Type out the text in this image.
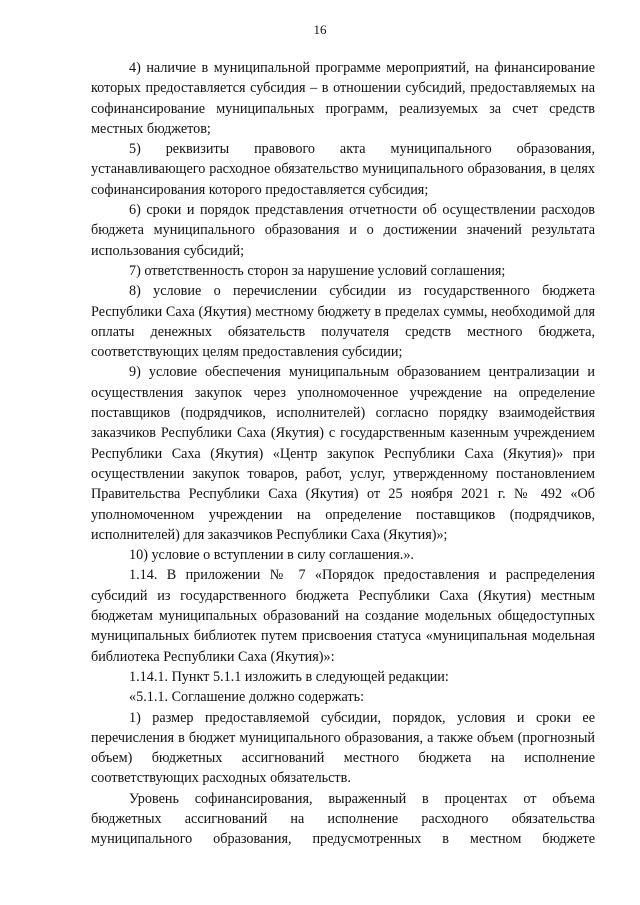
16

4) наличие в муниципальной программе мероприятий, на финансирование которых предоставляется субсидия – в отношении субсидий, предоставляемых на софинансирование муниципальных программ, реализуемых за счет средств местных бюджетов;

5) реквизиты правового акта муниципального образования, устанавливающего расходное обязательство муниципального образования, в целях софинансирования которого предоставляется субсидия;

6) сроки и порядок представления отчетности об осуществлении расходов бюджета муниципального образования и о достижении значений результата использования субсидий;

7) ответственность сторон за нарушение условий соглашения;

8) условие о перечислении субсидии из государственного бюджета Республики Саха (Якутия) местному бюджету в пределах суммы, необходимой для оплаты денежных обязательств получателя средств местного бюджета, соответствующих целям предоставления субсидии;

9) условие обеспечения муниципальным образованием централизации и осуществления закупок через уполномоченное учреждение на определение поставщиков (подрядчиков, исполнителей) согласно порядку взаимодействия заказчиков Республики Саха (Якутия) с государственным казенным учреждением Республики Саха (Якутия) «Центр закупок Республики Саха (Якутия)» при осуществлении закупок товаров, работ, услуг, утвержденному постановлением Правительства Республики Саха (Якутия) от 25 ноября 2021 г. № 492 «Об уполномоченном учреждении на определение поставщиков (подрядчиков, исполнителей) для заказчиков Республики Саха (Якутия)»;

10) условие о вступлении в силу соглашения.».

1.14. В приложении № 7 «Порядок предоставления и распределения субсидий из государственного бюджета Республики Саха (Якутия) местным бюджетам муниципальных образований на создание модельных общедоступных муниципальных библиотек путем присвоения статуса «муниципальная модельная библиотека Республики Саха (Якутия)»:

1.14.1. Пункт 5.1.1 изложить в следующей редакции:

«5.1.1. Соглашение должно содержать:

1) размер предоставляемой субсидии, порядок, условия и сроки ее перечисления в бюджет муниципального образования, а также объем (прогнозный объем) бюджетных ассигнований местного бюджета на исполнение соответствующих расходных обязательств.

Уровень софинансирования, выраженный в процентах от объема бюджетных ассигнований на исполнение расходного обязательства муниципального образования, предусмотренных в местном бюджете
